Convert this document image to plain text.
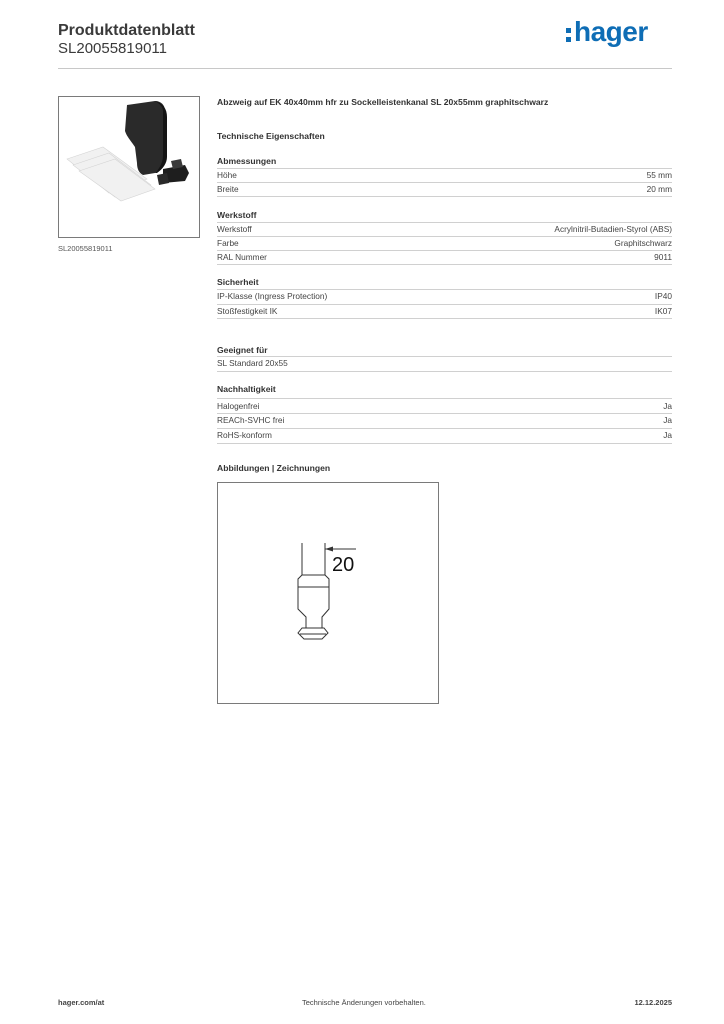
Produktdatenblatt
SL20055819011
hager
SL20055819011
Abzweig auf EK 40x40mm hfr zu Sockelleistenkanal SL 20x55mm graphitschwarz
Technische Eigenschaften
Abmessungen
Höhe	55 mm
Breite	20 mm
Werkstoff
Werkstoff	Acrylnitril-Butadien-Styrol (ABS)
Farbe	Graphitschwarz
RAL Nummer	9011
Sicherheit
IP-Klasse (Ingress Protection)	IP40
Stoßfestigkeit IK	IK07
Geeignet für
SL Standard 20x55
Nachhaltigkeit
Halogenfrei	Ja
REACh-SVHC frei	Ja
RoHS-konform	Ja
Abbildungen | Zeichnungen
20
hager.com/at	Technische Änderungen vorbehalten.	12.12.2025
